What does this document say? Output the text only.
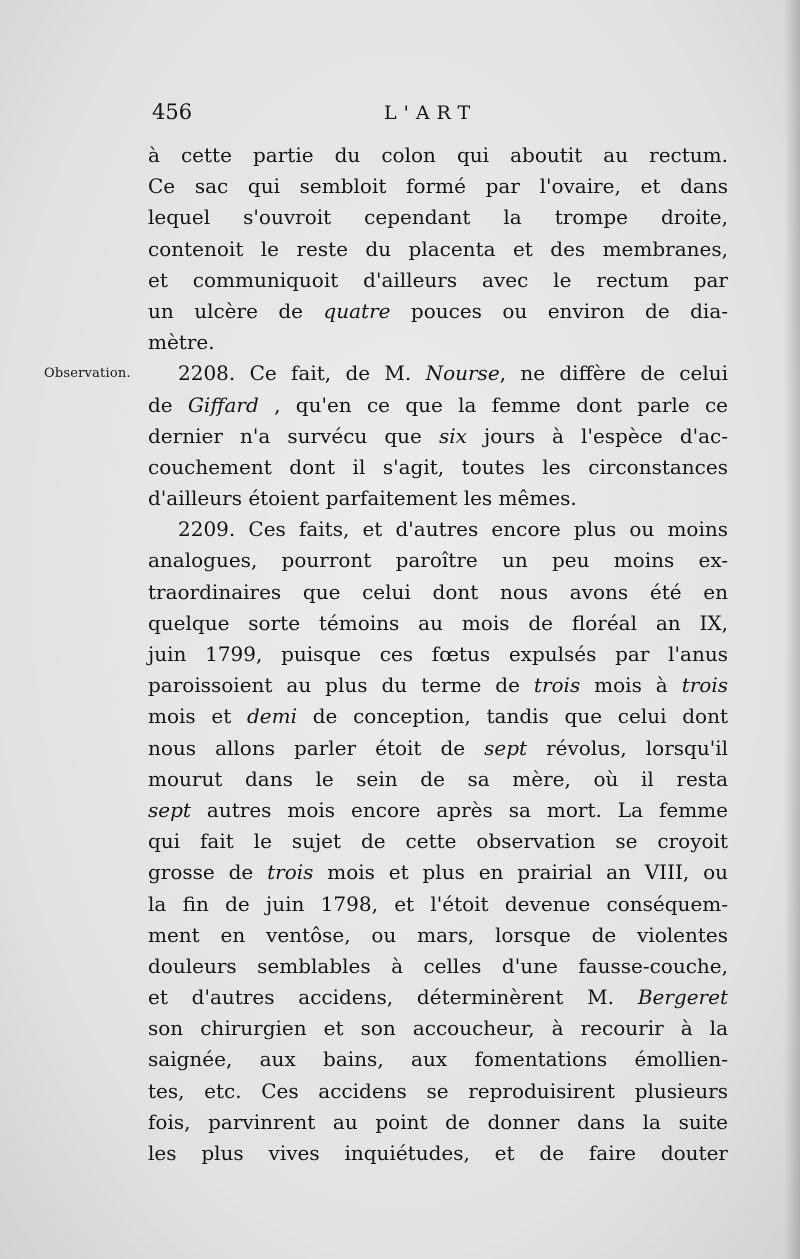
456	L'ART
Observation.
à cette partie du colon qui aboutit au rectum.
Ce sac qui sembloit formé par l'ovaire, et dans
lequel s'ouvroit cependant la trompe droite,
contenoit le reste du placenta et des membranes,
et communiquoit d'ailleurs avec le rectum par
un ulcère de quatre pouces ou environ de dia-
mètre.
2208. Ce fait, de M. Nourse, ne diffère de celui
de Giffard , qu'en ce que la femme dont parle ce
dernier n'a survécu que six jours à l'espèce d'ac-
couchement dont il s'agit, toutes les circonstances
d'ailleurs étoient parfaitement les mêmes.
2209. Ces faits, et d'autres encore plus ou moins
analogues, pourront paroître un peu moins ex-
traordinaires que celui dont nous avons été en
quelque sorte témoins au mois de floréal an IX,
juin 1799, puisque ces fœtus expulsés par l'anus
paroissoient au plus du terme de trois mois à trois
mois et demi de conception, tandis que celui dont
nous allons parler étoit de sept révolus, lorsqu'il
mourut dans le sein de sa mère, où il resta
sept autres mois encore après sa mort. La femme
qui fait le sujet de cette observation se croyoit
grosse de trois mois et plus en prairial an VIII, ou
la fin de juin 1798, et l'étoit devenue conséquem-
ment en ventôse, ou mars, lorsque de violentes
douleurs semblables à celles d'une fausse-couche,
et d'autres accidens, déterminèrent M. Bergeret
son chirurgien et son accoucheur, à recourir à la
saignée, aux bains, aux fomentations émollien-
tes, etc. Ces accidens se reproduisirent plusieurs
fois, parvinrent au point de donner dans la suite
les plus vives inquiétudes, et de faire douter
